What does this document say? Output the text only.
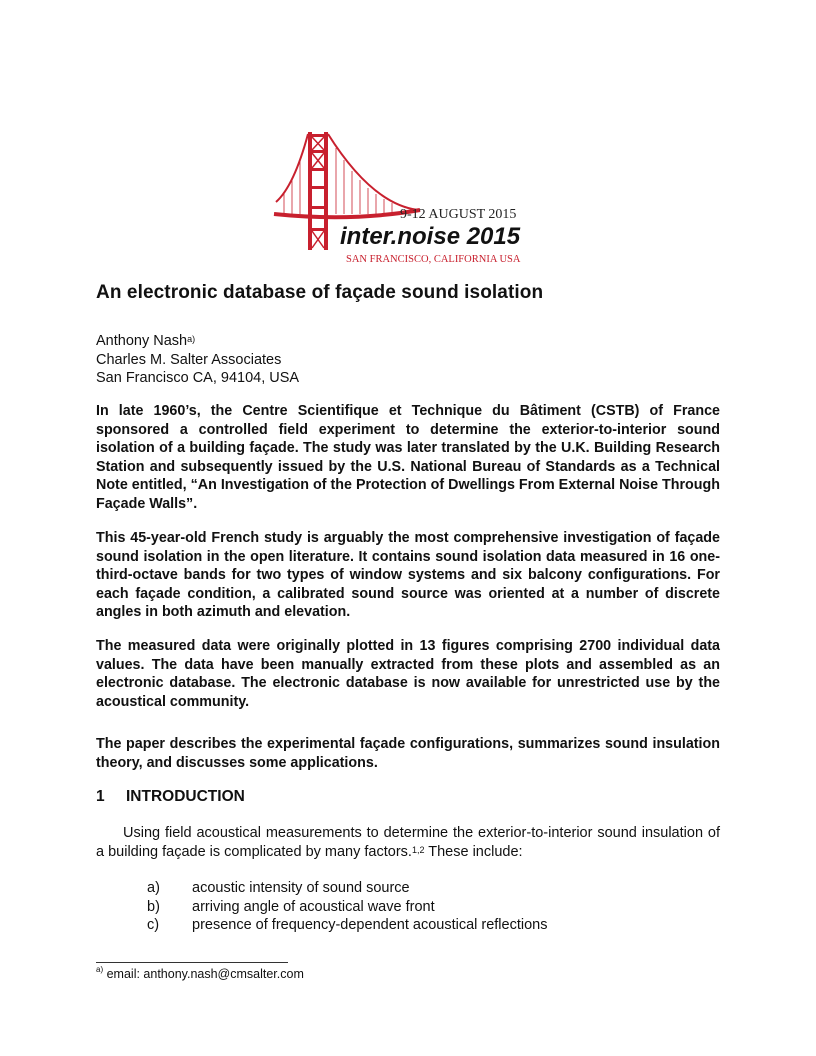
9-12 AUGUST 2015
inter.noise 2015
SAN FRANCISCO, CALIFORNIA USA
An electronic database of façade sound isolation
Anthony Nash$^{a)}$
Charles M. Salter Associates
San Francisco CA, 94104, USA

In late 1960’s, the Centre Scientifique et Technique du Bâtiment (CSTB) of France sponsored a controlled field experiment to determine the exterior-to-interior sound isolation of a building façade. The study was later translated by the U.K. Building Research Station and subsequently issued by the U.S. National Bureau of Standards as a Technical Note entitled, “An Investigation of the Protection of Dwellings From External Noise Through Façade Walls”.

This 45-year-old French study is arguably the most comprehensive investigation of façade sound isolation in the open literature. It contains sound isolation data measured in 16 one-third-octave bands for two types of window systems and six balcony configurations. For each façade condition, a calibrated sound source was oriented at a number of discrete angles in both azimuth and elevation.

The measured data were originally plotted in 13 figures comprising 2700 individual data values. The data have been manually extracted from these plots and assembled as an electronic database. The electronic database is now available for unrestricted use by the acoustical community.

The paper describes the experimental façade configurations, summarizes sound insulation theory, and discusses some applications.

1 INTRODUCTION

Using field acoustical measurements to determine the exterior-to-interior sound insulation of a building façade is complicated by many factors.$^{1,2}$ These include:

a)	acoustic intensity of sound source
b)	arriving angle of acoustical wave front
c)	presence of frequency-dependent acoustical reflections
$^{a)}$ email: anthony.nash@cmsalter.com
